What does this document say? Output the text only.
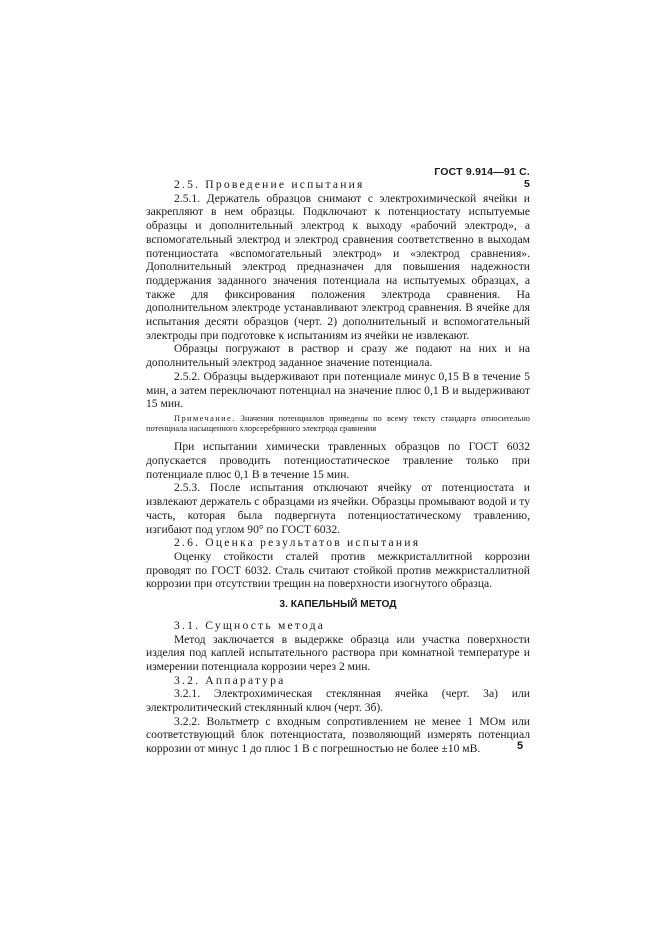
ГОСТ 9.914—91 С. 5

2.5. Проведение испытания

2.5.1. Держатель образцов снимают с электрохимической ячейки и закрепляют в нем образцы. Подключают к потенциостату испытуемые образцы и дополнительный электрод к выходу «рабочий электрод», а вспомогательный электрод и электрод сравнения соответственно в выходам потенциостата «вспомогательный электрод» и «электрод сравнения». Дополнительный электрод предназначен для повышения надежности поддержания заданного значения потенциала на испытуемых образцах, а также для фиксирования положения электрода сравнения. На дополнительном электроде устанавливают электрод сравнения. В ячейке для испытания десяти образцов (черт. 2) дополнительный и вспомогательный электроды при подготовке к испытаниям из ячейки не извлекают.

Образцы погружают в раствор и сразу же подают на них и на дополнительный электрод заданное значение потенциала.

2.5.2. Образцы выдерживают при потенциале минус 0,15 В в течение 5 мин, а затем переключают потенциал на значение плюс 0,1 В и выдерживают 15 мин.

Примечание. Значения потенциалов приведены по всему тексту стандарта относительно потенциала насыщенного хлорсеребряного электрода сравнения

При испытании химически травленных образцов по ГОСТ 6032 допускается проводить потенциостатическое травление только при потенциале плюс 0,1 В в течение 15 мин.

2.5.3. После испытания отключают ячейку от потенциостата и извлекают держатель с образцами из ячейки. Образцы промывают водой и ту часть, которая была подвергнута потенциостатическому травлению, изгибают под углом 90° по ГОСТ 6032.

2.6. Оценка результатов испытания

Оценку стойкости сталей против межкристаллитной коррозии проводят по ГОСТ 6032. Сталь считают стойкой против межкристаллитной коррозии при отсутствии трещин на поверхности изогнутого образца.

3. КАПЕЛЬНЫЙ МЕТОД

3.1. Сущность метода

Метод заключается в выдержке образца или участка поверхности изделия под каплей испытательного раствора при комнатной температуре и измерении потенциала коррозии через 2 мин.

3.2. Аппаратура

3.2.1. Электрохимическая стеклянная ячейка (черт. 3а) или электролитический стеклянный ключ (черт. 3б).

3.2.2. Вольтметр с входным сопротивлением не менее 1 МОм или соответствующий блок потенциостата, позволяющий измерять потенциал коррозии от минус 1 до плюс 1 В с погрешностью не более ±10 мВ.	5
